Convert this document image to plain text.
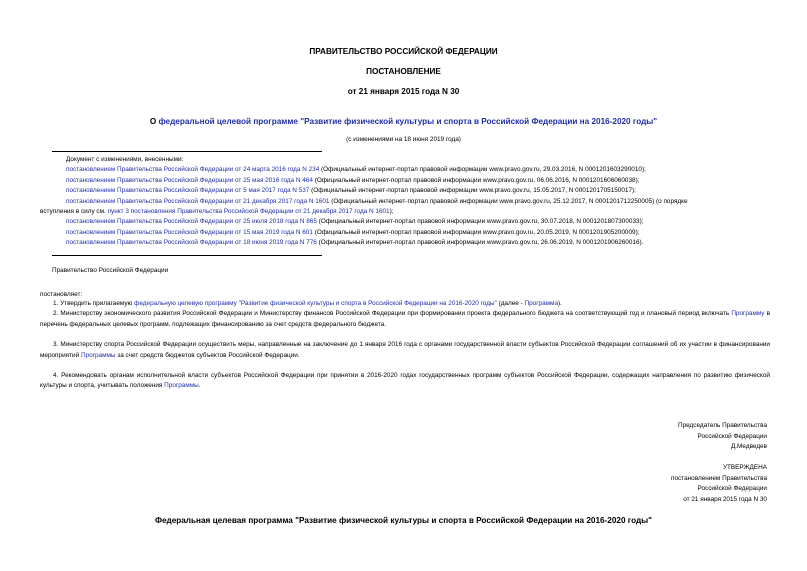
ПРАВИТЕЛЬСТВО РОССИЙСКОЙ ФЕДЕРАЦИИ
ПОСТАНОВЛЕНИЕ
от 21 января 2015 года N 30
О федеральной целевой программе "Развитие физической культуры и спорта в Российской Федерации на 2016-2020 годы"
(с изменениями на 18 июня 2019 года)
Документ с изменениями, внесенными:
постановлением Правительства Российской Федерации от 24 марта 2016 года N 234 (Официальный интернет-портал правовой информации www.pravo.gov.ru, 29.03.2016, N 0001201603290010);
постановлением Правительства Российской Федерации от 25 мая 2016 года N 464 (Официальный интернет-портал правовой информации www.pravo.gov.ru, 06.06.2016, N 0001201606060038);
постановлением Правительства Российской Федерации от 5 мая 2017 года N 537 (Официальный интернет-портал правовой информации www.pravo.gov.ru, 15.05.2017, N 0001201705150017);
постановлением Правительства Российской Федерации от 21 декабря 2017 года N 1601 (Официальный интернет-портал правовой информации www.pravo.gov.ru, 25.12.2017, N 0001201712250005) (о порядке
вступления в силу см. пункт 3 постановления Правительства Российской Федерации от 21 декабря 2017 года N 1601);
постановлением Правительства Российской Федерации от 25 июля 2018 года N 865 (Официальный интернет-портал правовой информации www.pravo.gov.ru, 30.07.2018, N 0001201807300033);
постановлением Правительства Российской Федерации от 15 мая 2019 года N 601 (Официальный интернет-портал правовой информации www.pravo.gov.ru, 20.05.2019, N 0001201905200009);
постановлением Правительства Российской Федерации от 18 июня 2019 года N 776 (Официальный интернет-портал правовой информации www.pravo.gov.ru, 26.06.2019, N 0001201906260016).
Правительство Российской Федерации
постановляет:

1. Утвердить прилагаемую федеральную целевую программу "Развитие физической культуры и спорта в Российской Федерации на 2016-2020 годы" (далее - Программа).

2. Министерству экономического развития Российской Федерации и Министерству финансов Российской Федерации при формировании проекта федерального бюджета на соответствующий год и плановый период включать Программу в перечень федеральных целевых программ, подлежащих финансированию за счет средств федерального бюджета.

3. Министерству спорта Российской Федерации осуществить меры, направленные на заключение до 1 января 2016 года с органами государственной власти субъектов Российской Федерации соглашений об их участии в финансировании мероприятий Программы за счет средств бюджетов субъектов Российской Федерации.

4. Рекомендовать органам исполнительной власти субъектов Российской Федерации при принятии в 2016-2020 годах государственных программ субъектов Российской Федерации, содержащих направления по развитию физической культуры и спорта, учитывать положения Программы.

Председатель Правительства
Российской Федерации
Д.Медведев
УТВЕРЖДЕНА
постановлением Правительства
Российской Федерации
от 21 января 2015 года N 30
Федеральная целевая программа "Развитие физической культуры и спорта в Российской Федерации на 2016-2020 годы"
